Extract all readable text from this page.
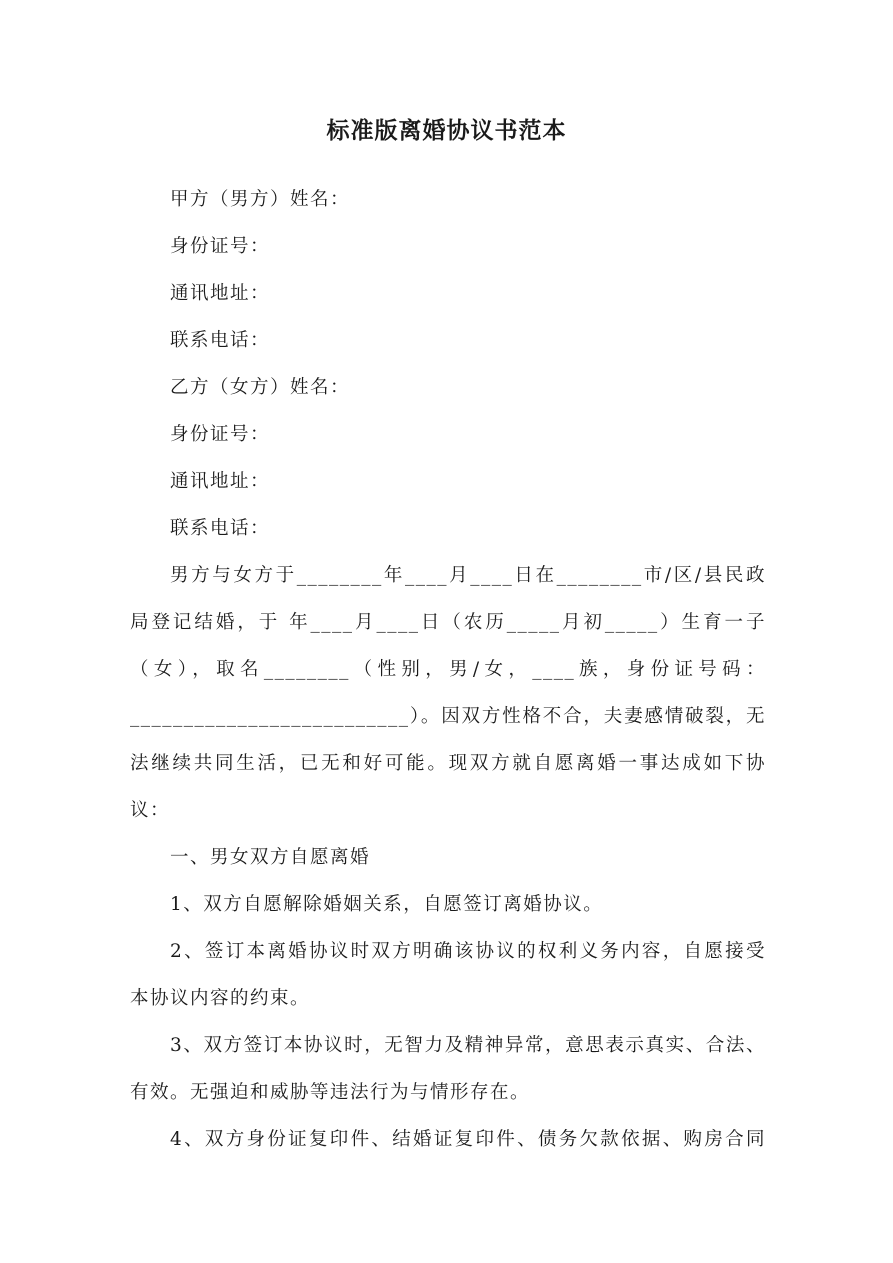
标准版离婚协议书范本

甲方（男方）姓名：

身份证号：

通讯地址：

联系电话：

乙方（女方）姓名：

身份证号：

通讯地址：

联系电话：

男方与女方于________年____月____日在________市/区/县民政

局登记结婚，于 年____月____日（农历_____月初_____）生育一子

（女），取名________（性别，男/女，____族，身份证号码：

__________________________）。因双方性格不合，夫妻感情破裂，无

法继续共同生活，已无和好可能。现双方就自愿离婚一事达成如下协

议：

一、男女双方自愿离婚

1、双方自愿解除婚姻关系，自愿签订离婚协议。

2、签订本离婚协议时双方明确该协议的权利义务内容，自愿接受

本协议内容的约束。

3、双方签订本协议时，无智力及精神异常，意思表示真实、合法、

有效。无强迫和威胁等违法行为与情形存在。

4、双方身份证复印件、结婚证复印件、债务欠款依据、购房合同
